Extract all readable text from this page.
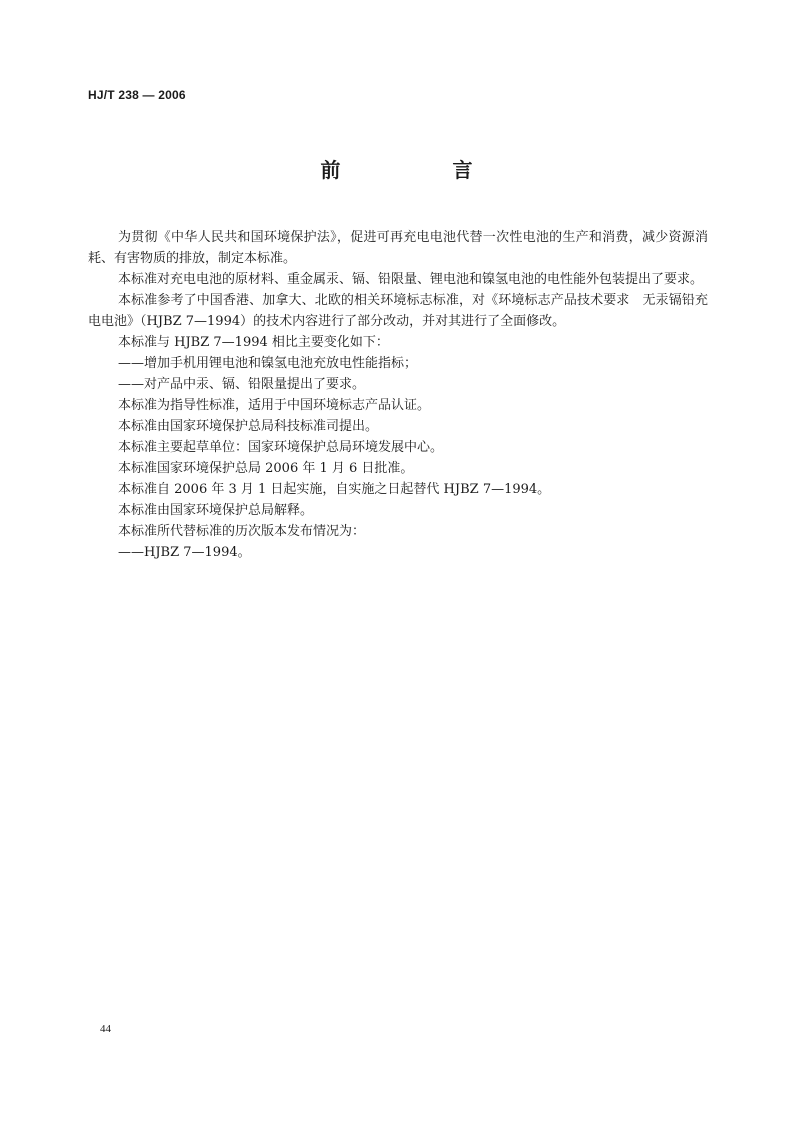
HJ/T 238 — 2006
前　言

为贯彻《中华人民共和国环境保护法》，促进可再充电电池代替一次性电池的生产和消费，减少资源消耗、有害物质的排放，制定本标准。

本标准对充电电池的原材料、重金属汞、镉、铅限量、锂电池和镍氢电池的电性能外包装提出了要求。

本标准参考了中国香港、加拿大、北欧的相关环境标志标准，对《环境标志产品技术要求　无汞镉铅充电电池》（HJBZ 7—1994）的技术内容进行了部分改动，并对其进行了全面修改。

本标准与 HJBZ 7—1994 相比主要变化如下：

——增加手机用锂电池和镍氢电池充放电性能指标；

——对产品中汞、镉、铅限量提出了要求。

本标准为指导性标准，适用于中国环境标志产品认证。

本标准由国家环境保护总局科技标准司提出。

本标准主要起草单位：国家环境保护总局环境发展中心。

本标准国家环境保护总局 2006 年 1 月 6 日批准。

本标准自 2006 年 3 月 1 日起实施，自实施之日起替代 HJBZ 7—1994。

本标准由国家环境保护总局解释。

本标准所代替标准的历次版本发布情况为：

——HJBZ 7—1994。

44
